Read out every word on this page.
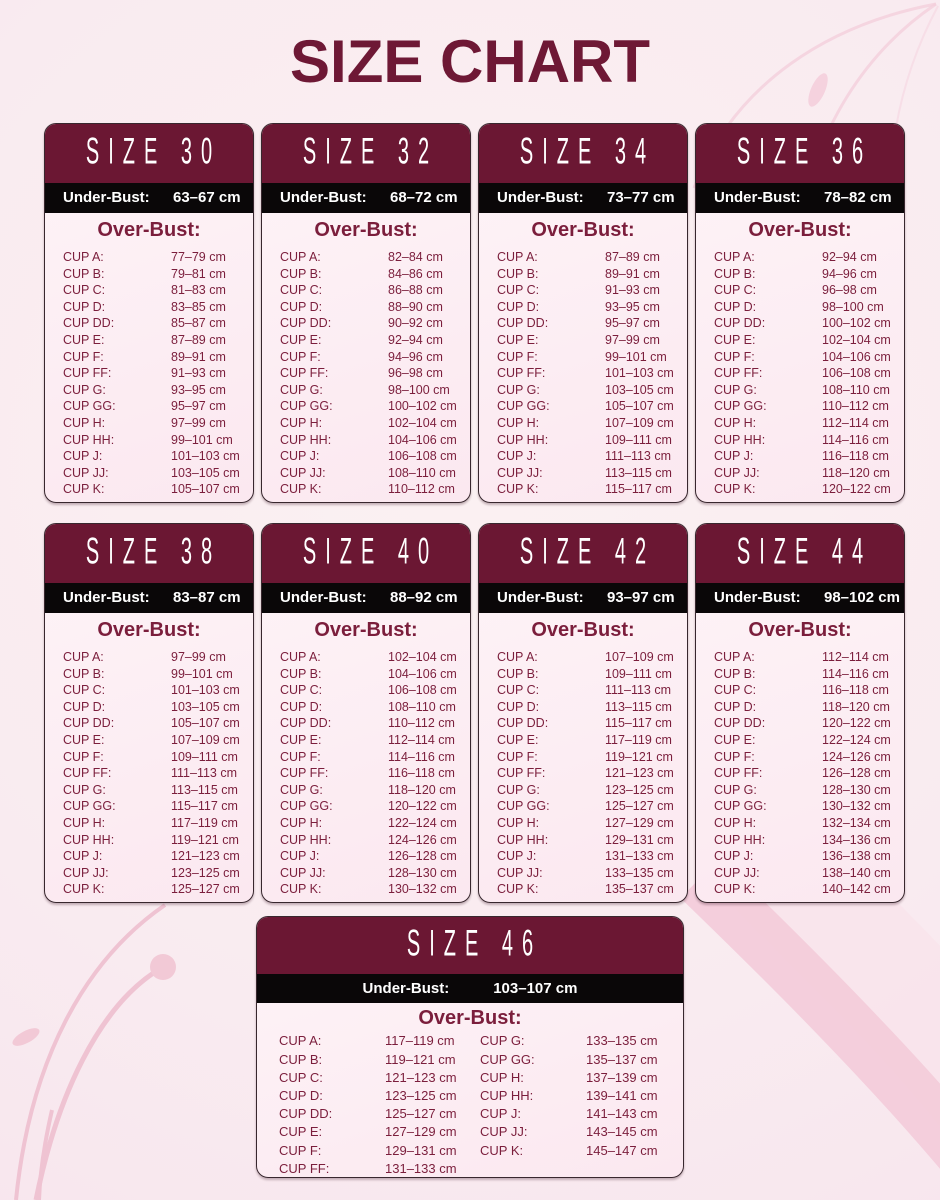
SIZE CHART
SIZE 30
Under-Bust:	63–67 cm
Over-Bust:
CUP A:	77–79 cm
CUP B:	79–81 cm
CUP C:	81–83 cm
CUP D:	83–85 cm
CUP DD:	85–87 cm
CUP E:	87–89 cm
CUP F:	89–91 cm
CUP FF:	91–93 cm
CUP G:	93–95 cm
CUP GG:	95–97 cm
CUP H:	97–99 cm
CUP HH:	99–101 cm
CUP J:	101–103 cm
CUP JJ:	103–105 cm
CUP K:	105–107 cm
SIZE 32
Under-Bust:	68–72 cm
Over-Bust:
CUP A:	82–84 cm
CUP B:	84–86 cm
CUP C:	86–88 cm
CUP D:	88–90 cm
CUP DD:	90–92 cm
CUP E:	92–94 cm
CUP F:	94–96 cm
CUP FF:	96–98 cm
CUP G:	98–100 cm
CUP GG:	100–102 cm
CUP H:	102–104 cm
CUP HH:	104–106 cm
CUP J:	106–108 cm
CUP JJ:	108–110 cm
CUP K:	110–112 cm
SIZE 34
Under-Bust:	73–77 cm
Over-Bust:
CUP A:	87–89 cm
CUP B:	89–91 cm
CUP C:	91–93 cm
CUP D:	93–95 cm
CUP DD:	95–97 cm
CUP E:	97–99 cm
CUP F:	99–101 cm
CUP FF:	101–103 cm
CUP G:	103–105 cm
CUP GG:	105–107 cm
CUP H:	107–109 cm
CUP HH:	109–111 cm
CUP J:	111–113 cm
CUP JJ:	113–115 cm
CUP K:	115–117 cm
SIZE 36
Under-Bust:	78–82 cm
Over-Bust:
CUP A:	92–94 cm
CUP B:	94–96 cm
CUP C:	96–98 cm
CUP D:	98–100 cm
CUP DD:	100–102 cm
CUP E:	102–104 cm
CUP F:	104–106 cm
CUP FF:	106–108 cm
CUP G:	108–110 cm
CUP GG:	110–112 cm
CUP H:	112–114 cm
CUP HH:	114–116 cm
CUP J:	116–118 cm
CUP JJ:	118–120 cm
CUP K:	120–122 cm
SIZE 38
Under-Bust:	83–87 cm
Over-Bust:
CUP A:	97–99 cm
CUP B:	99–101 cm
CUP C:	101–103 cm
CUP D:	103–105 cm
CUP DD:	105–107 cm
CUP E:	107–109 cm
CUP F:	109–111 cm
CUP FF:	111–113 cm
CUP G:	113–115 cm
CUP GG:	115–117 cm
CUP H:	117–119 cm
CUP HH:	119–121 cm
CUP J:	121–123 cm
CUP JJ:	123–125 cm
CUP K:	125–127 cm
SIZE 40
Under-Bust:	88–92 cm
Over-Bust:
CUP A:	102–104 cm
CUP B:	104–106 cm
CUP C:	106–108 cm
CUP D:	108–110 cm
CUP DD:	110–112 cm
CUP E:	112–114 cm
CUP F:	114–116 cm
CUP FF:	116–118 cm
CUP G:	118–120 cm
CUP GG:	120–122 cm
CUP H:	122–124 cm
CUP HH:	124–126 cm
CUP J:	126–128 cm
CUP JJ:	128–130 cm
CUP K:	130–132 cm
SIZE 42
Under-Bust:	93–97 cm
Over-Bust:
CUP A:	107–109 cm
CUP B:	109–111 cm
CUP C:	111–113 cm
CUP D:	113–115 cm
CUP DD:	115–117 cm
CUP E:	117–119 cm
CUP F:	119–121 cm
CUP FF:	121–123 cm
CUP G:	123–125 cm
CUP GG:	125–127 cm
CUP H:	127–129 cm
CUP HH:	129–131 cm
CUP J:	131–133 cm
CUP JJ:	133–135 cm
CUP K:	135–137 cm
SIZE 44
Under-Bust:	98–102 cm
Over-Bust:
CUP A:	112–114 cm
CUP B:	114–116 cm
CUP C:	116–118 cm
CUP D:	118–120 cm
CUP DD:	120–122 cm
CUP E:	122–124 cm
CUP F:	124–126 cm
CUP FF:	126–128 cm
CUP G:	128–130 cm
CUP GG:	130–132 cm
CUP H:	132–134 cm
CUP HH:	134–136 cm
CUP J:	136–138 cm
CUP JJ:	138–140 cm
CUP K:	140–142 cm
SIZE 46
Under-Bust:	103–107 cm
Over-Bust:
CUP A:	117–119 cm
CUP B:	119–121 cm
CUP C:	121–123 cm
CUP D:	123–125 cm
CUP DD:	125–127 cm
CUP E:	127–129 cm
CUP F:	129–131 cm
CUP FF:	131–133 cm
CUP G:	133–135 cm
CUP GG:	135–137 cm
CUP H:	137–139 cm
CUP HH:	139–141 cm
CUP J:	141–143 cm
CUP JJ:	143–145 cm
CUP K:	145–147 cm
